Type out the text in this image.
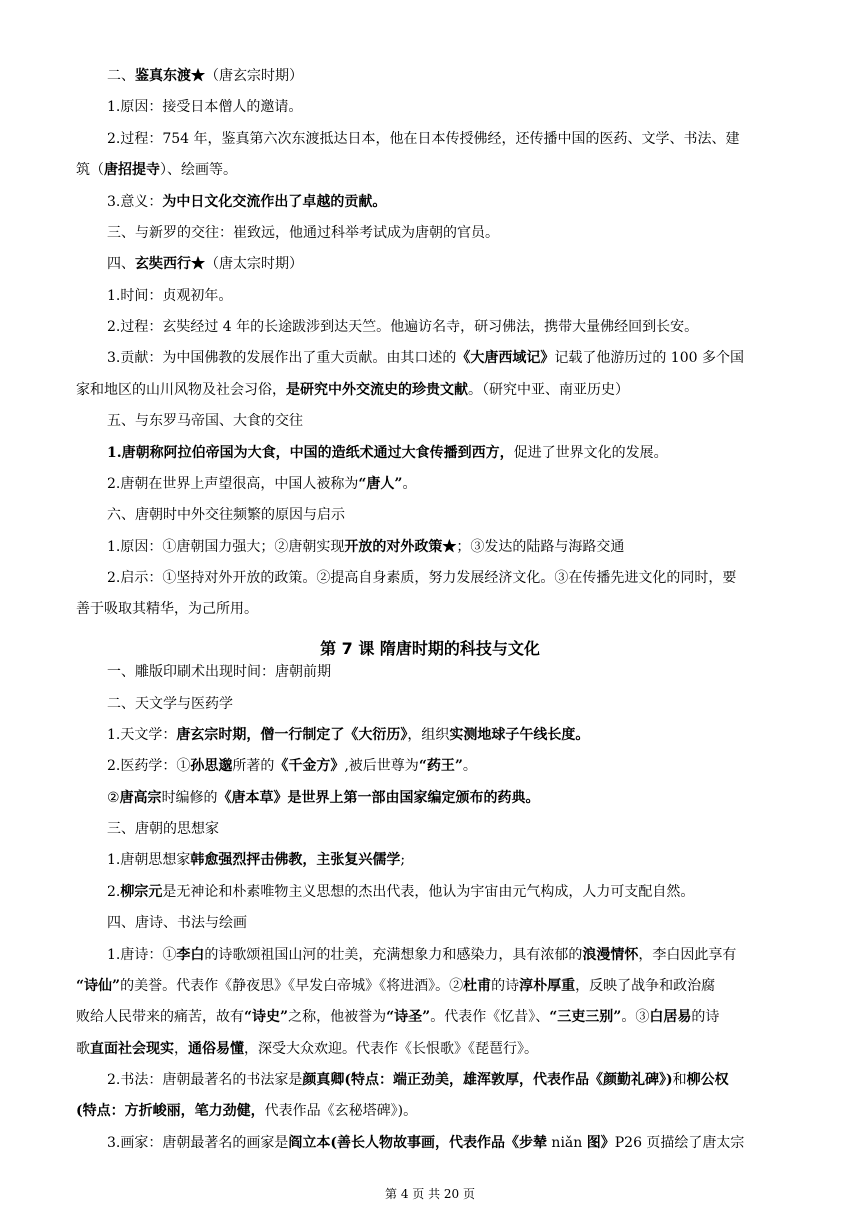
二、鉴真东渡★（唐玄宗时期）
1.原因：接受日本僧人的邀请。
2.过程：754 年，鉴真第六次东渡抵达日本，他在日本传授佛经，还传播中国的医药、文学、书法、建
筑（唐招提寺）、绘画等。
3.意义：为中日文化交流作出了卓越的贡献。
三、与新罗的交往：崔致远，他通过科举考试成为唐朝的官员。
四、玄奘西行★（唐太宗时期）
1.时间：贞观初年。
2.过程：玄奘经过 4 年的长途跋涉到达天竺。他遍访名寺，研习佛法，携带大量佛经回到长安。
3.贡献：为中国佛教的发展作出了重大贡献。由其口述的《大唐西域记》记载了他游历过的 100 多个国
家和地区的山川风物及社会习俗，是研究中外交流史的珍贵文献。（研究中亚、南亚历史）
五、与东罗马帝国、大食的交往
1.唐朝称阿拉伯帝国为大食，中国的造纸术通过大食传播到西方，促进了世界文化的发展。
2.唐朝在世界上声望很高，中国人被称为“唐人”。
六、唐朝时中外交往频繁的原因与启示
1.原因：①唐朝国力强大；②唐朝实现开放的对外政策★；③发达的陆路与海路交通
2.启示：①坚持对外开放的政策。②提高自身素质，努力发展经济文化。③在传播先进文化的同时，要
善于吸取其精华，为己所用。
一、雕版印刷术出现时间：唐朝前期
二、天文学与医药学
1.天文学：唐玄宗时期，僧一行制定了《大衍历》，组织实测地球子午线长度。
2.医药学：①孙思邈所著的《千金方》,被后世尊为“药王”。
②唐高宗时编修的《唐本草》是世界上第一部由国家编定颁布的药典。
三、唐朝的思想家
1.唐朝思想家韩愈强烈抨击佛教，主张复兴儒学;
2.柳宗元是无神论和朴素唯物主义思想的杰出代表，他认为宇宙由元气构成，人力可支配自然。
四、唐诗、书法与绘画
1.唐诗：①李白的诗歌颂祖国山河的壮美，充满想象力和感染力，具有浓郁的浪漫情怀，李白因此享有
“诗仙”的美誉。代表作《静夜思》《早发白帝城》《将进酒》。②杜甫的诗淳朴厚重，反映了战争和政治腐
败给人民带来的痛苦，故有“诗史”之称，他被誉为“诗圣”。代表作《忆昔》、“三吏三别”。③白居易的诗
歌直面社会现实，通俗易懂，深受大众欢迎。代表作《长恨歌》《琵琶行》。
2.书法：唐朝最著名的书法家是颜真卿(特点：端正劲美，雄浑敦厚，代表作品《颜勤礼碑》)和柳公权
(特点：方折峻丽，笔力劲健，代表作品《玄秘塔碑》)。
3.画家：唐朝最著名的画家是阎立本(善长人物故事画，代表作品《步辇 niǎn 图》P26 页描绘了唐太宗
第 7 课 隋唐时期的科技与文化
第 4 页 共 20 页
